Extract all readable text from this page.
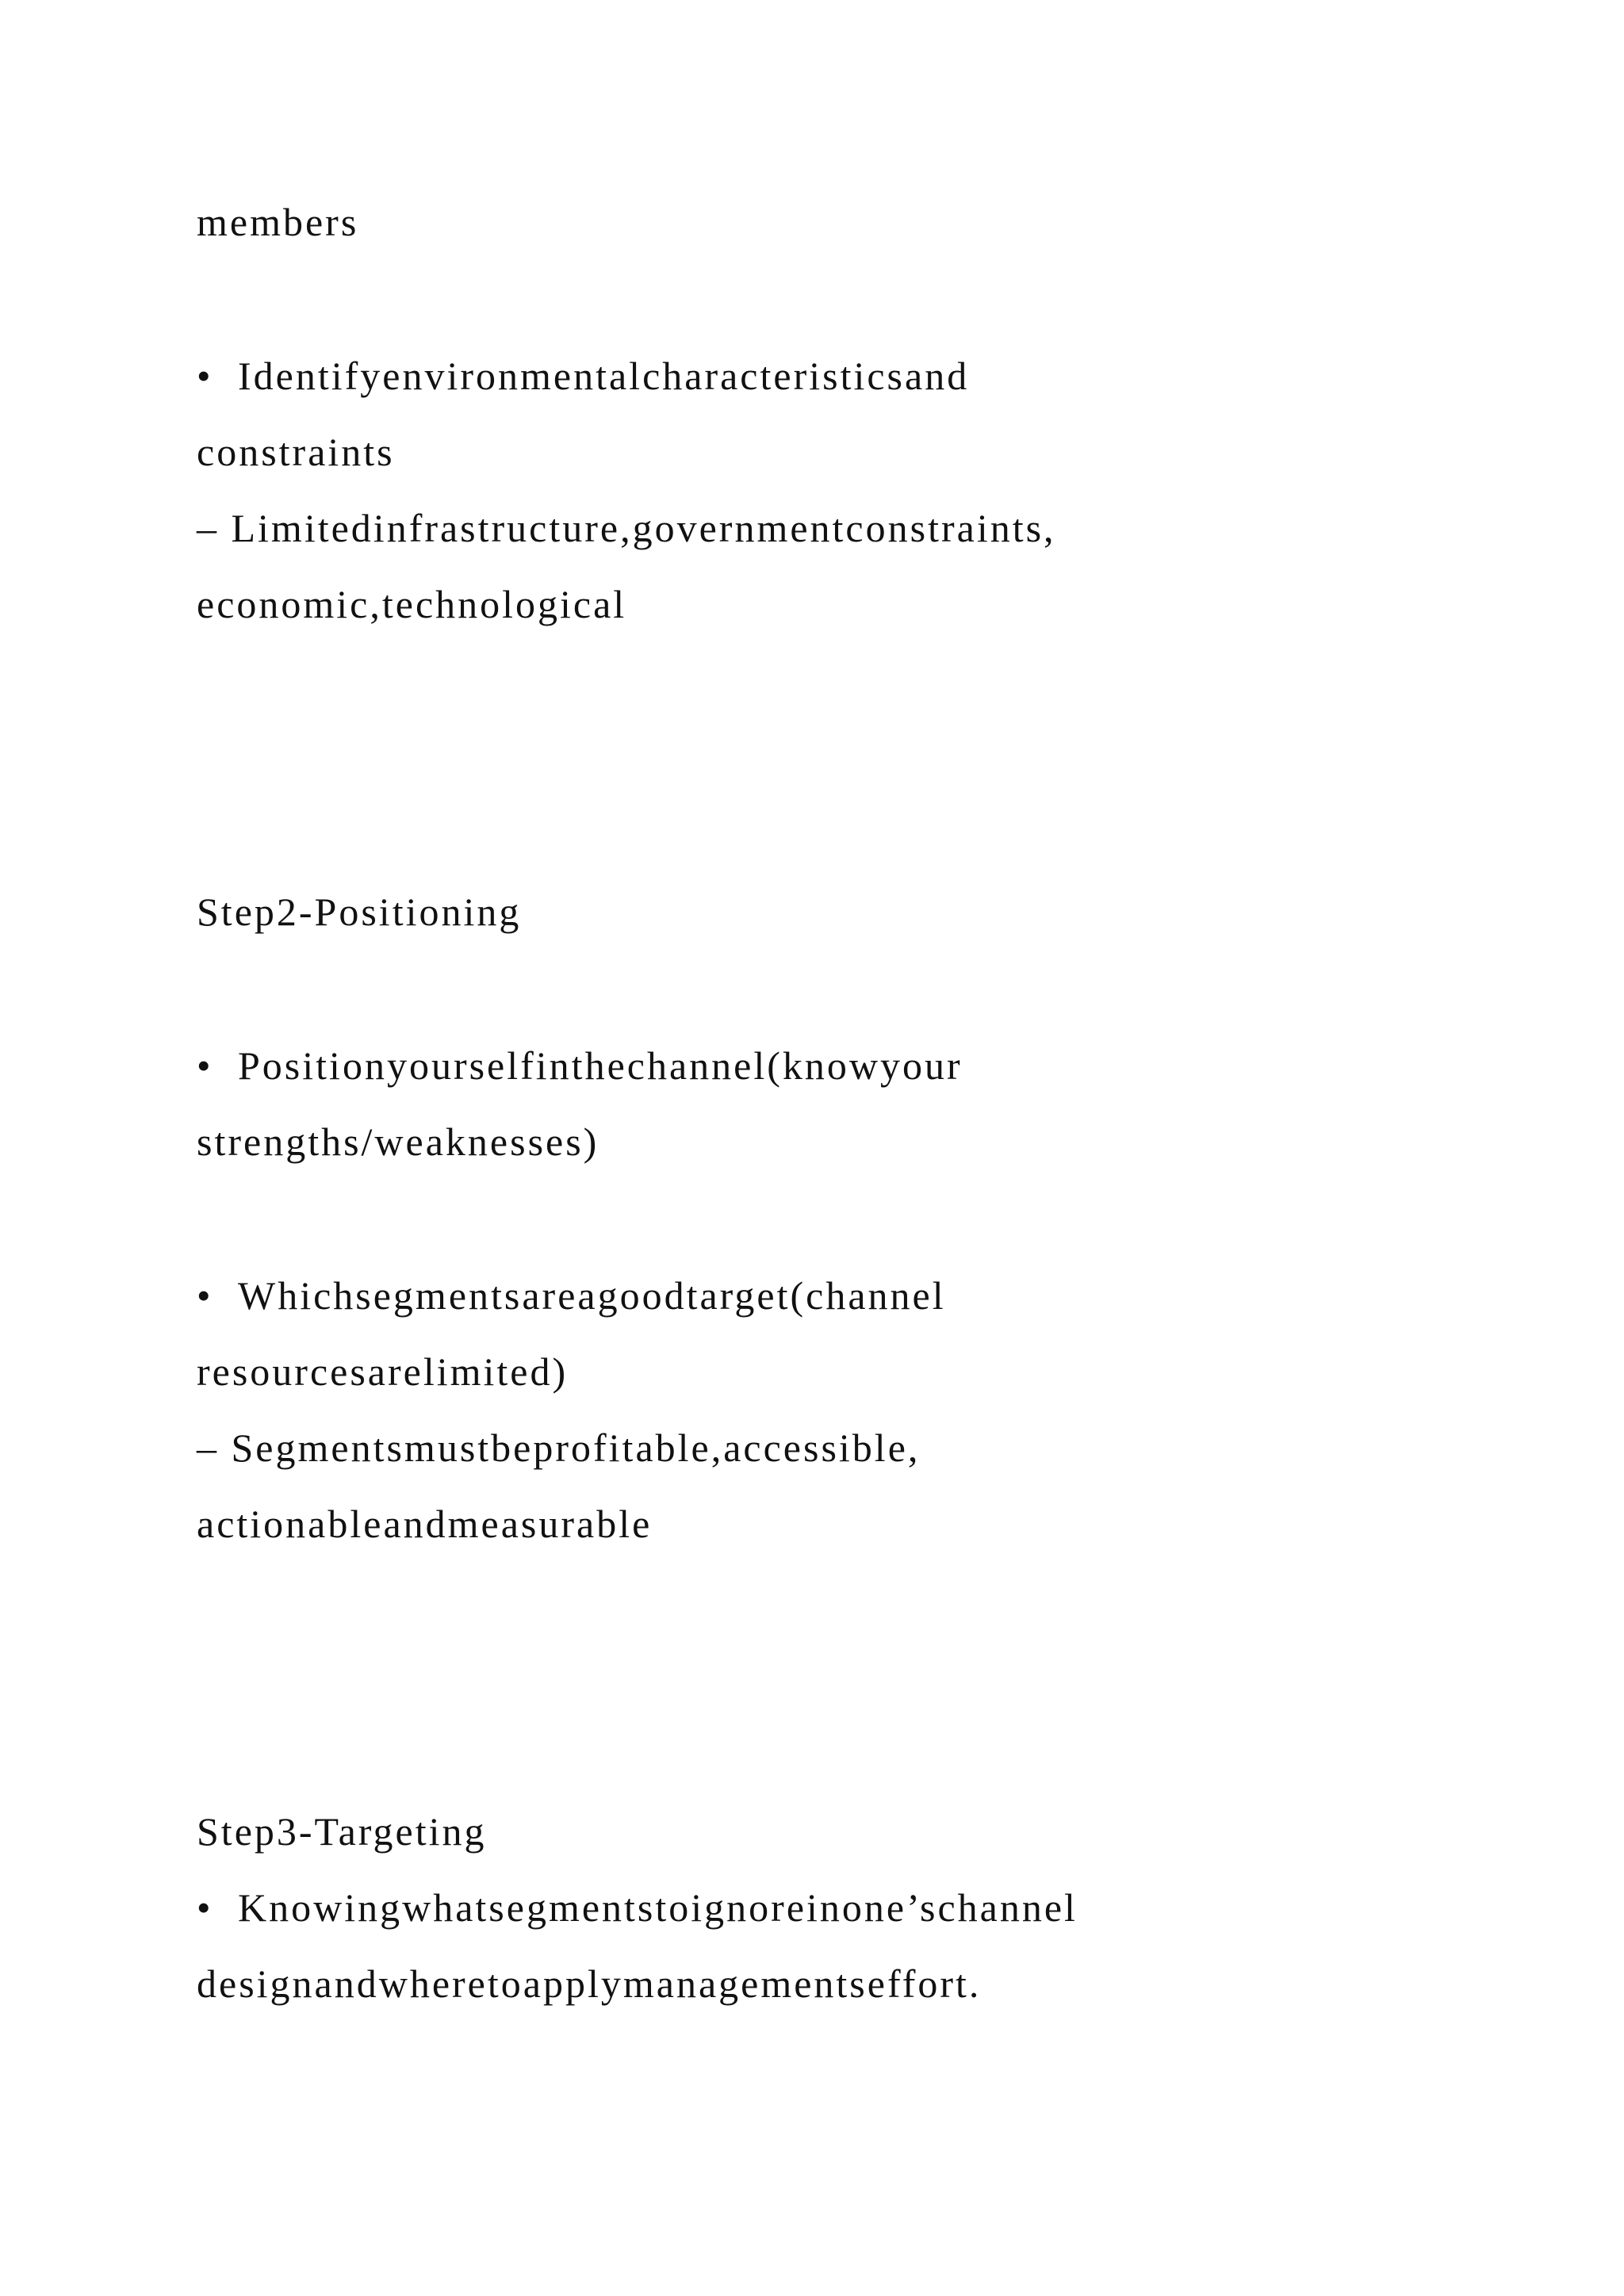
members
• Identifyenvironmentalcharacteristicsand
constraints
– Limitedinfrastructure,governmentconstraints,
economic,technological
Step2-Positioning
• Positionyourselfinthechannel(knowyour
strengths/weaknesses)
• Whichsegmentsareagoodtarget(channel
resourcesarelimited)
– Segmentsmustbeprofitable,accessible,
actionableandmeasurable
Step3-Targeting
• Knowingwhatsegmentstoignoreinone’schannel
designandwheretoapplymanagementseffort.
